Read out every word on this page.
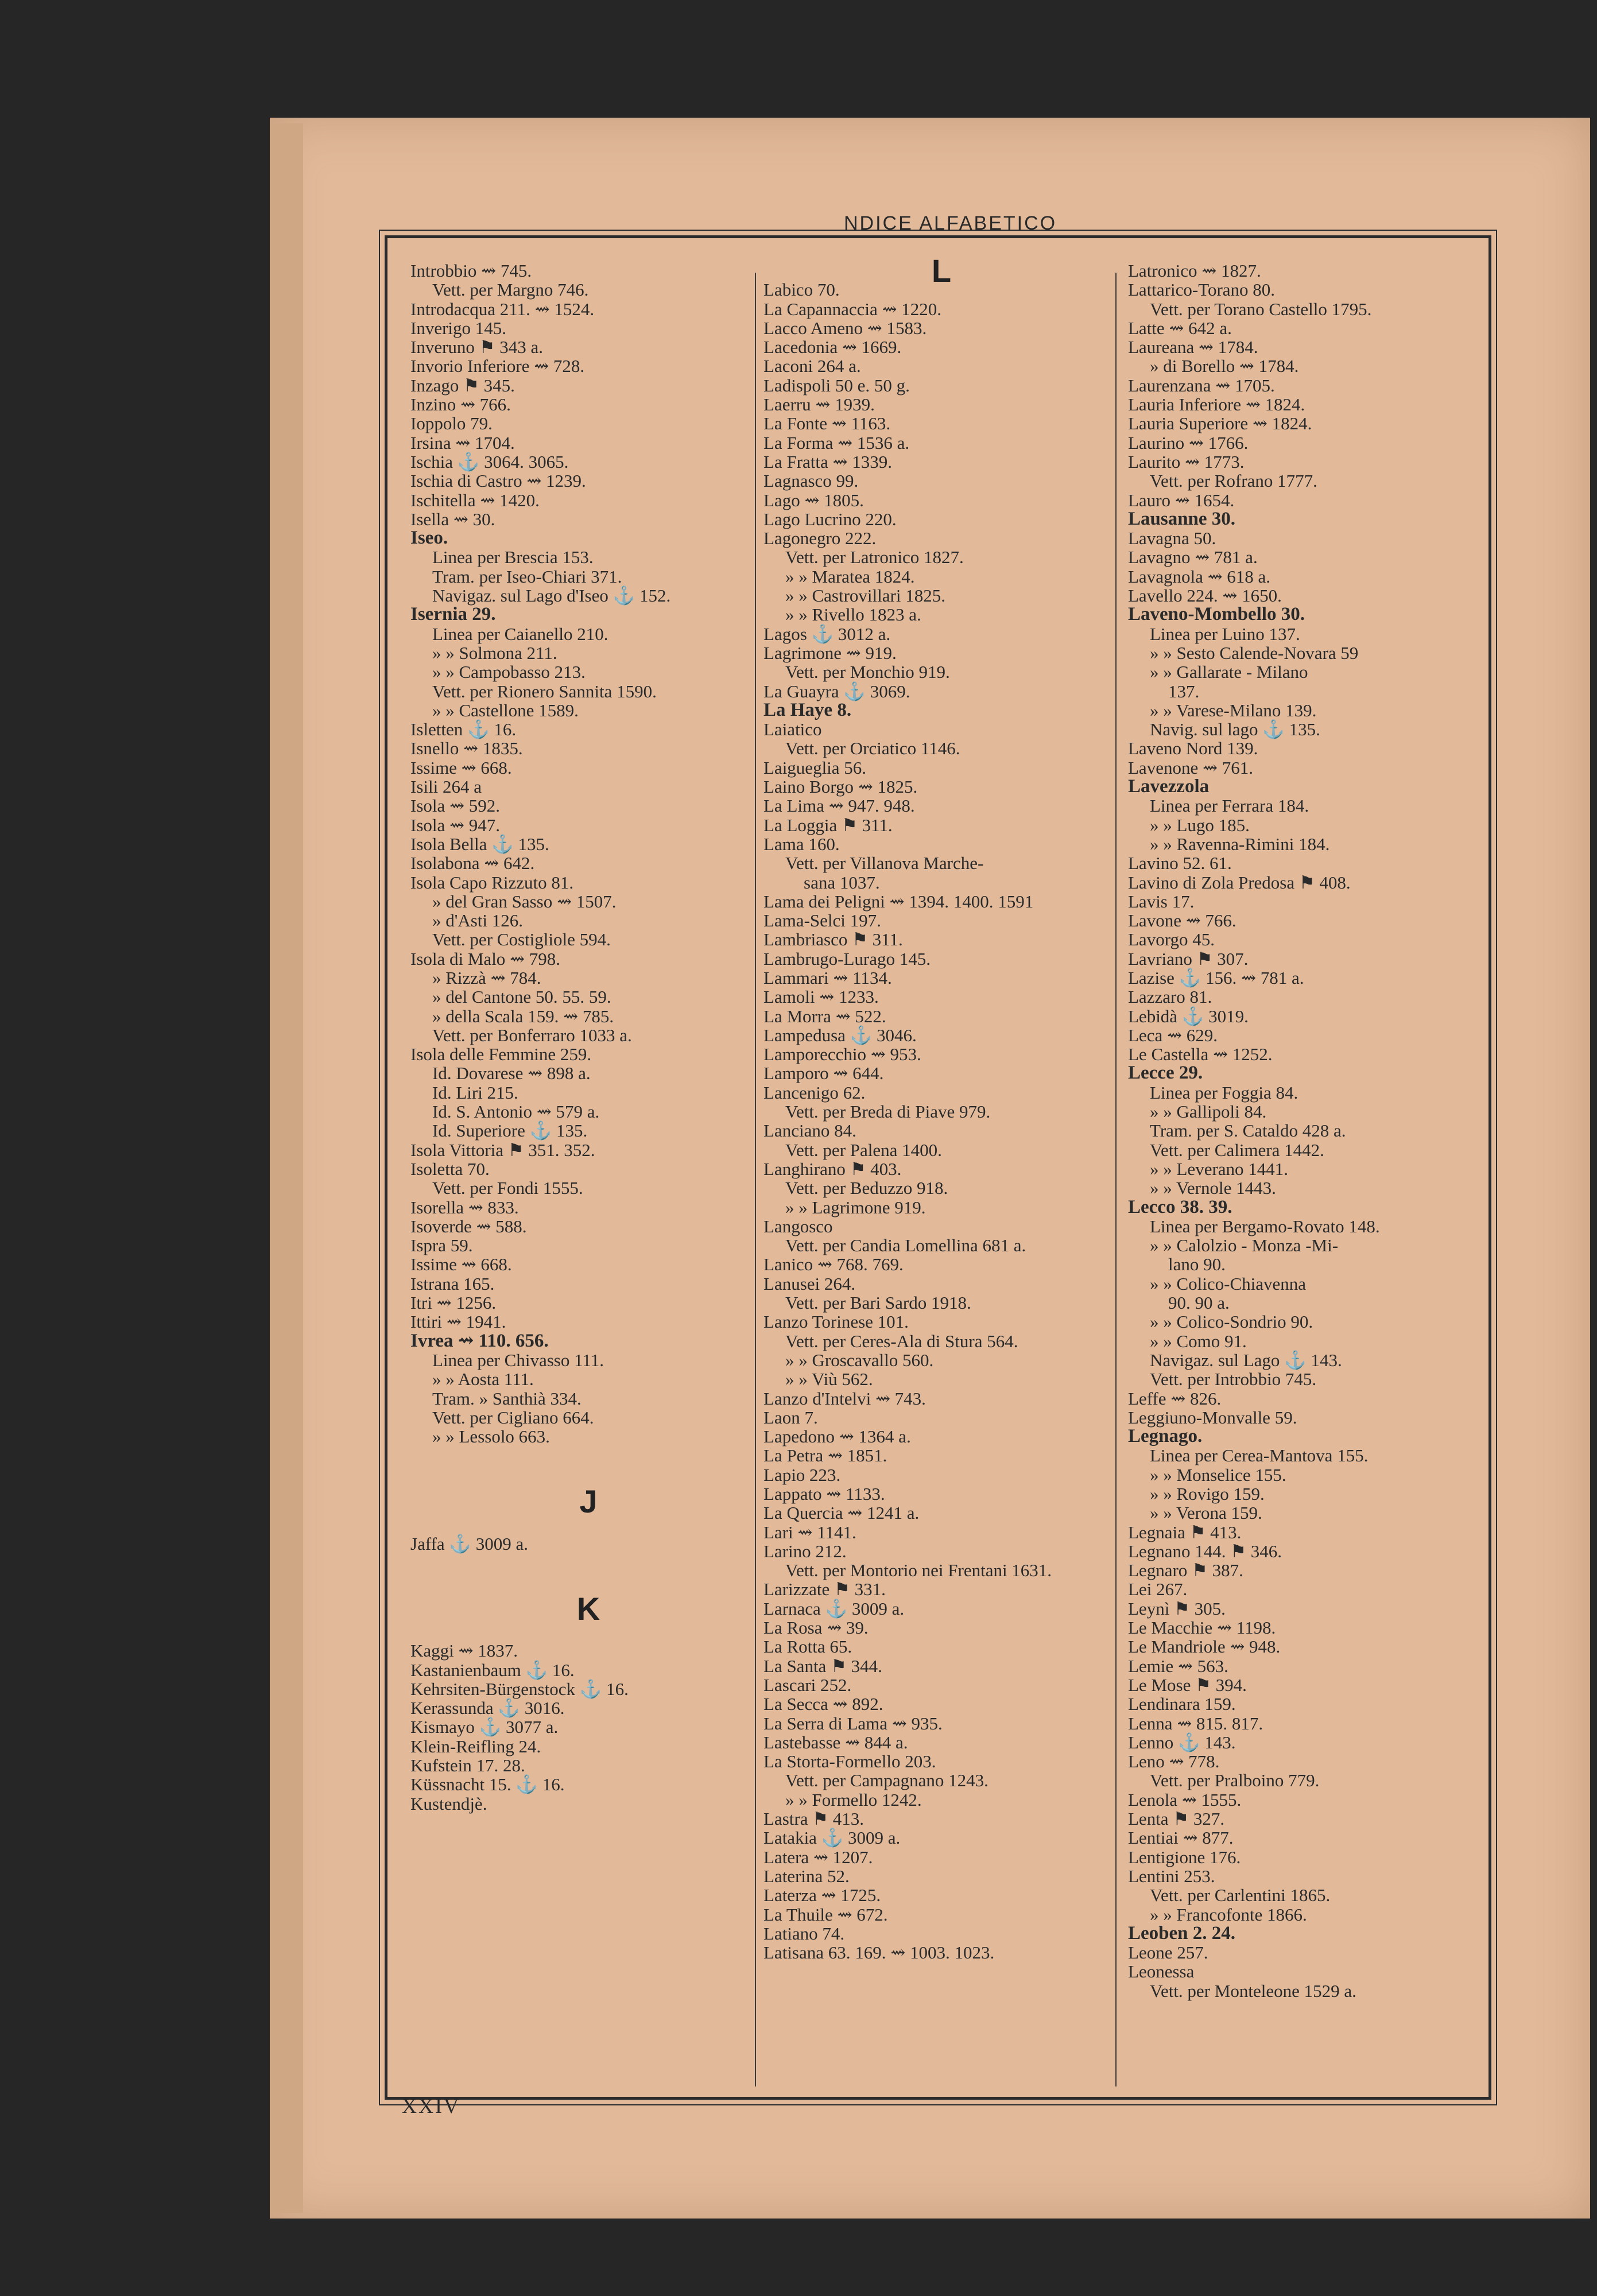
NDICE ALFABETICO
Introbbio ⇝ 745.
Vett. per Margno 746.
Introdacqua 211. ⇝ 1524.
Inverigo 145.
Inveruno ⚑ 343 a.
Invorio Inferiore ⇝ 728.
Inzago ⚑ 345.
Inzino ⇝ 766.
Ioppolo 79.
Irsina ⇝ 1704.
Ischia ⚓ 3064. 3065.
Ischia di Castro ⇝ 1239.
Ischitella ⇝ 1420.
Isella ⇝ 30.
Iseo.
Linea per Brescia 153.
Tram. per Iseo-Chiari 371.
Navigaz. sul Lago d'Iseo ⚓ 152.
Isernia 29.
Linea per Caianello 210.
» » Solmona 211.
» » Campobasso 213.
Vett. per Rionero Sannita 1590.
» » Castellone 1589.
Isletten ⚓ 16.
Isnello ⇝ 1835.
Issime ⇝ 668.
Isili 264 a
Isola ⇝ 592.
Isola ⇝ 947.
Isola Bella ⚓ 135.
Isolabona ⇝ 642.
Isola Capo Rizzuto 81.
» del Gran Sasso ⇝ 1507.
» d'Asti 126.
Vett. per Costigliole 594.
Isola di Malo ⇝ 798.
» Rizzà ⇝ 784.
» del Cantone 50. 55. 59.
» della Scala 159. ⇝ 785.
Vett. per Bonferraro 1033 a.
Isola delle Femmine 259.
Id. Dovarese ⇝ 898 a.
Id. Liri 215.
Id. S. Antonio ⇝ 579 a.
Id. Superiore ⚓ 135.
Isola Vittoria ⚑ 351. 352.
Isoletta 70.
Vett. per Fondi 1555.
Isorella ⇝ 833.
Isoverde ⇝ 588.
Ispra 59.
Issime ⇝ 668.
Istrana 165.
Itri ⇝ 1256.
Ittiri ⇝ 1941.
Ivrea ⇝ 110. 656.
Linea per Chivasso 111.
» » Aosta 111.
Tram. » Santhià 334.
Vett. per Cigliano 664.
» » Lessolo 663.
J
Jaffa ⚓ 3009 a.
K
Kaggi ⇝ 1837.
Kastanienbaum ⚓ 16.
Kehrsiten-Bürgenstock ⚓ 16.
Kerassunda ⚓ 3016.
Kismayo ⚓ 3077 a.
Klein-Reifling 24.
Kufstein 17. 28.
Küssnacht 15. ⚓ 16.
Kustendjè.
L
Labico 70.
La Capannaccia ⇝ 1220.
Lacco Ameno ⇝ 1583.
Lacedonia ⇝ 1669.
Laconi 264 a.
Ladispoli 50 e. 50 g.
Laerru ⇝ 1939.
La Fonte ⇝ 1163.
La Forma ⇝ 1536 a.
La Fratta ⇝ 1339.
Lagnasco 99.
Lago ⇝ 1805.
Lago Lucrino 220.
Lagonegro 222.
Vett. per Latronico 1827.
» » Maratea 1824.
» » Castrovillari 1825.
» » Rivello 1823 a.
Lagos ⚓ 3012 a.
Lagrimone ⇝ 919.
Vett. per Monchio 919.
La Guayra ⚓ 3069.
La Haye 8.
Laiatico
Vett. per Orciatico 1146.
Laigueglia 56.
Laino Borgo ⇝ 1825.
La Lima ⇝ 947. 948.
La Loggia ⚑ 311.
Lama 160.
Vett. per Villanova Marche-
sana 1037.
Lama dei Peligni ⇝ 1394. 1400. 1591
Lama-Selci 197.
Lambriasco ⚑ 311.
Lambrugo-Lurago 145.
Lammari ⇝ 1134.
Lamoli ⇝ 1233.
La Morra ⇝ 522.
Lampedusa ⚓ 3046.
Lamporecchio ⇝ 953.
Lamporo ⇝ 644.
Lancenigo 62.
Vett. per Breda di Piave 979.
Lanciano 84.
Vett. per Palena 1400.
Langhirano ⚑ 403.
Vett. per Beduzzo 918.
» » Lagrimone 919.
Langosco
Vett. per Candia Lomellina 681 a.
Lanico ⇝ 768. 769.
Lanusei 264.
Vett. per Bari Sardo 1918.
Lanzo Torinese 101.
Vett. per Ceres-Ala di Stura 564.
» » Groscavallo 560.
» » Viù 562.
Lanzo d'Intelvi ⇝ 743.
Laon 7.
Lapedono ⇝ 1364 a.
La Petra ⇝ 1851.
Lapio 223.
Lappato ⇝ 1133.
La Quercia ⇝ 1241 a.
Lari ⇝ 1141.
Larino 212.
Vett. per Montorio nei Frentani 1631.
Larizzate ⚑ 331.
Larnaca ⚓ 3009 a.
La Rosa ⇝ 39.
La Rotta 65.
La Santa ⚑ 344.
Lascari 252.
La Secca ⇝ 892.
La Serra di Lama ⇝ 935.
Lastebasse ⇝ 844 a.
La Storta-Formello 203.
Vett. per Campagnano 1243.
» » Formello 1242.
Lastra ⚑ 413.
Latakia ⚓ 3009 a.
Latera ⇝ 1207.
Laterina 52.
Laterza ⇝ 1725.
La Thuile ⇝ 672.
Latiano 74.
Latisana 63. 169. ⇝ 1003. 1023.
Latronico ⇝ 1827.
Lattarico-Torano 80.
Vett. per Torano Castello 1795.
Latte ⇝ 642 a.
Laureana ⇝ 1784.
» di Borello ⇝ 1784.
Laurenzana ⇝ 1705.
Lauria Inferiore ⇝ 1824.
Lauria Superiore ⇝ 1824.
Laurino ⇝ 1766.
Laurito ⇝ 1773.
Vett. per Rofrano 1777.
Lauro ⇝ 1654.
Lausanne 30.
Lavagna 50.
Lavagno ⇝ 781 a.
Lavagnola ⇝ 618 a.
Lavello 224. ⇝ 1650.
Laveno-Mombello 30.
Linea per Luino 137.
» » Sesto Calende-Novara 59
» » Gallarate - Milano
137.
» » Varese-Milano 139.
Navig. sul lago ⚓ 135.
Laveno Nord 139.
Lavenone ⇝ 761.
Lavezzola
Linea per Ferrara 184.
» » Lugo 185.
» » Ravenna-Rimini 184.
Lavino 52. 61.
Lavino di Zola Predosa ⚑ 408.
Lavis 17.
Lavone ⇝ 766.
Lavorgo 45.
Lavriano ⚑ 307.
Lazise ⚓ 156. ⇝ 781 a.
Lazzaro 81.
Lebidà ⚓ 3019.
Leca ⇝ 629.
Le Castella ⇝ 1252.
Lecce 29.
Linea per Foggia 84.
» » Gallipoli 84.
Tram. per S. Cataldo 428 a.
Vett. per Calimera 1442.
» » Leverano 1441.
» » Vernole 1443.
Lecco 38. 39.
Linea per Bergamo-Rovato 148.
» » Calolzio - Monza -Mi-
lano 90.
» » Colico-Chiavenna
90. 90 a.
» » Colico-Sondrio 90.
» » Como 91.
Navigaz. sul Lago ⚓ 143.
Vett. per Introbbio 745.
Leffe ⇝ 826.
Leggiuno-Monvalle 59.
Legnago.
Linea per Cerea-Mantova 155.
» » Monselice 155.
» » Rovigo 159.
» » Verona 159.
Legnaia ⚑ 413.
Legnano 144. ⚑ 346.
Legnaro ⚑ 387.
Lei 267.
Leynì ⚑ 305.
Le Macchie ⇝ 1198.
Le Mandriole ⇝ 948.
Lemie ⇝ 563.
Le Mose ⚑ 394.
Lendinara 159.
Lenna ⇝ 815. 817.
Lenno ⚓ 143.
Leno ⇝ 778.
Vett. per Pralboino 779.
Lenola ⇝ 1555.
Lenta ⚑ 327.
Lentiai ⇝ 877.
Lentigione 176.
Lentini 253.
Vett. per Carlentini 1865.
» » Francofonte 1866.
Leoben 2. 24.
Leone 257.
Leonessa
Vett. per Monteleone 1529 a.
XXIV
